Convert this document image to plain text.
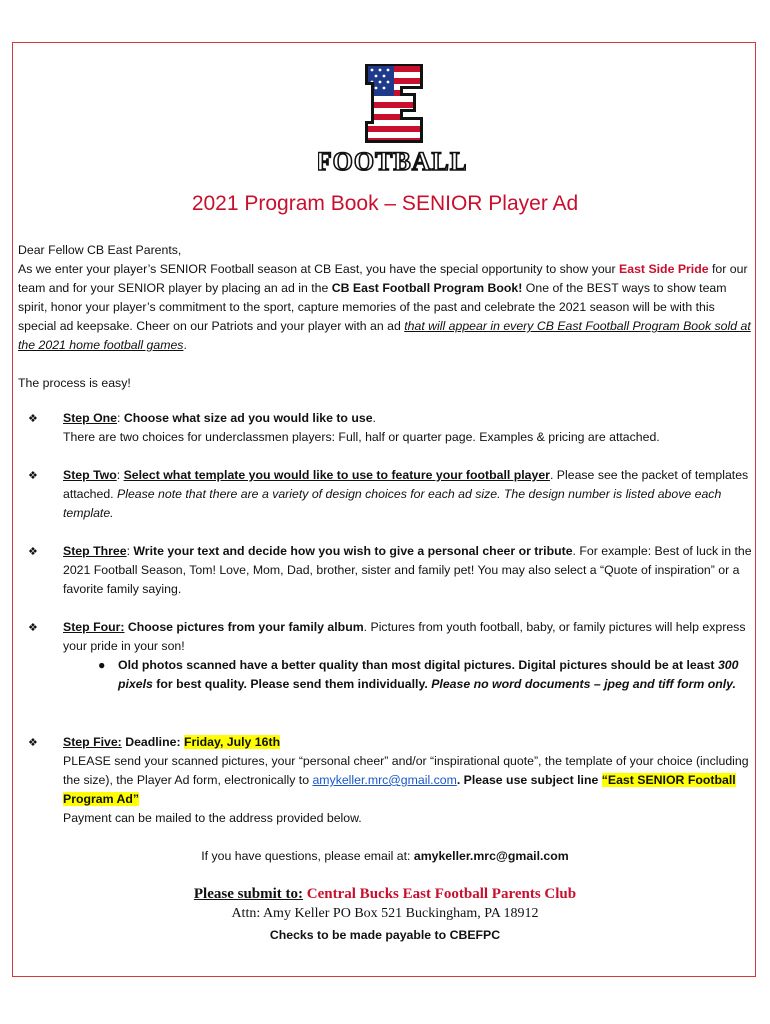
FOOTBALL
2021 Program Book – SENIOR Player Ad
Dear Fellow CB East Parents,
As we enter your player’s SENIOR Football season at CB East, you have the special opportunity to show your East Side Pride for our team and for your SENIOR player by placing an ad in the CB East Football Program Book! One of the BEST ways to show team spirit, honor your player’s commitment to the sport, capture memories of the past and celebrate the 2021 season will be with this special ad keepsake. Cheer on our Patriots and your player with an ad that will appear in every CB East Football Program Book sold at the 2021 home football games.
The process is easy!
❖	Step One: Choose what size ad you would like to use.
There are two choices for underclassmen players: Full, half or quarter page. Examples & pricing are attached.
❖	Step Two: Select what template you would like to use to feature your football player. Please see the packet of templates attached. Please note that there are a variety of design choices for each ad size. The design number is listed above each template.
❖	Step Three: Write your text and decide how you wish to give a personal cheer or tribute. For example: Best of luck in the 2021 Football Season, Tom! Love, Mom, Dad, brother, sister and family pet! You may also select a “Quote of inspiration” or a favorite family saying.
❖	Step Four: Choose pictures from your family album. Pictures from youth football, baby, or family pictures will help express your pride in your son!
● Old photos scanned have a better quality than most digital pictures. Digital pictures should be at least 300 pixels for best quality. Please send them individually. Please no word documents – jpeg and tiff form only.
❖	Step Five: Deadline: Friday, July 16th
PLEASE send your scanned pictures, your “personal cheer” and/or “inspirational quote”, the template of your choice (including the size), the Player Ad form, electronically to amykeller.mrc@gmail.com. Please use subject line “East SENIOR Football Program Ad”
Payment can be mailed to the address provided below.
If you have questions, please email at: amykeller.mrc@gmail.com
Please submit to: Central Bucks East Football Parents Club
Attn: Amy Keller PO Box 521 Buckingham, PA 18912
Checks to be made payable to CBEFPC
